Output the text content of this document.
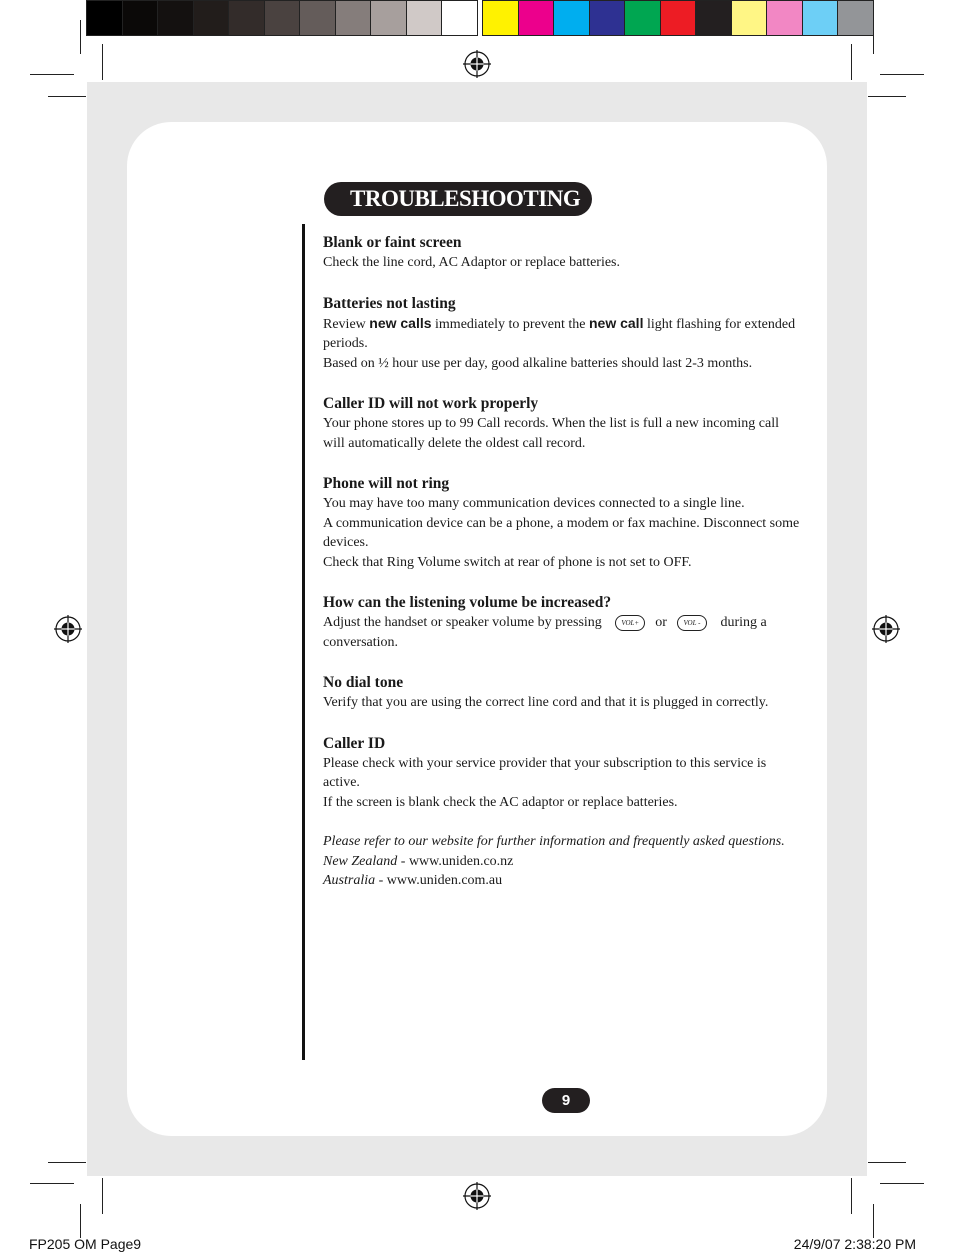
TROUBLESHOOTING
Blank or faint screen

Check the line cord, AC Adaptor or replace batteries.

Batteries not lasting

Review new calls immediately to prevent the new call light flashing for extended periods.

Based on ½ hour use per day, good alkaline batteries should last 2-3 months.

Caller ID will not work properly

Your phone stores up to 99 Call records. When the list is full a new incoming call will automatically delete the oldest call record.

Phone will not ring

You may have too many communication devices connected to a single line.

A communication device can be a phone, a modem or fax machine. Disconnect some devices.

Check that Ring Volume switch at rear of phone is not set to OFF.

How can the listening volume be increased?

Adjust the handset or speaker volume by pressing	VOL+ or VOL - during a conversation.

No dial tone

Verify that you are using the correct line cord and that it is plugged in correctly.

Caller ID

Please check with your service provider that your subscription to this service is active.

If the screen is blank check the AC adaptor or replace batteries.

Please refer to our website for further information and frequently asked questions.

New Zealand - www.uniden.co.nz

Australia - www.uniden.com.au

9
FP205 OM Page9	24/9/07 2:38:20 PM
